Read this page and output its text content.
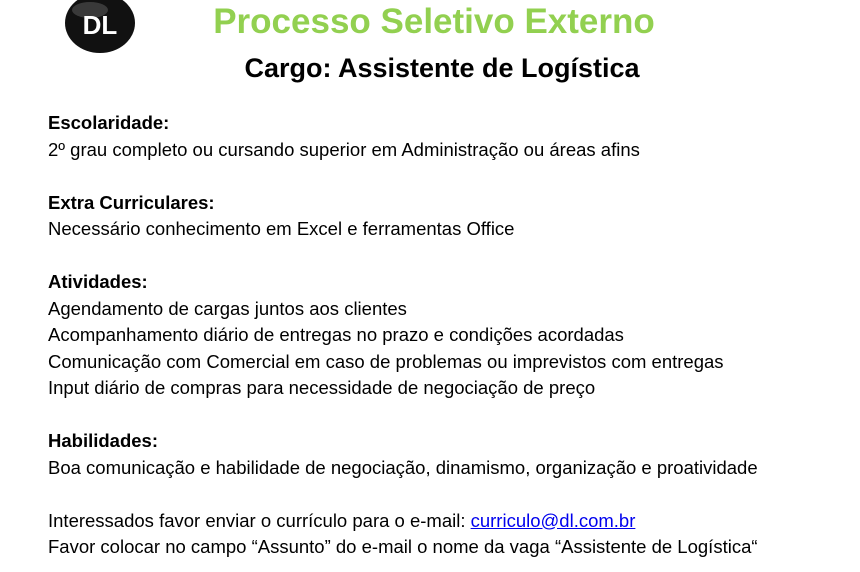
DL	Processo Seletivo Externo
Cargo: Assistente de Logística
Escolaridade:
2º grau completo ou cursando superior em Administração ou áreas afins
Extra Curriculares:
Necessário conhecimento em Excel e ferramentas Office
Atividades:
Agendamento de cargas juntos aos clientes
Acompanhamento diário de entregas no prazo e condições acordadas
Comunicação com Comercial em caso de problemas ou imprevistos com entregas
Input diário de compras para necessidade de negociação de preço
Habilidades:
Boa comunicação e habilidade de negociação, dinamismo, organização e proatividade
Interessados favor enviar o currículo para o e-mail: curriculo@dl.com.br
Favor colocar no campo “Assunto” do e-mail o nome da vaga “Assistente de Logística“
